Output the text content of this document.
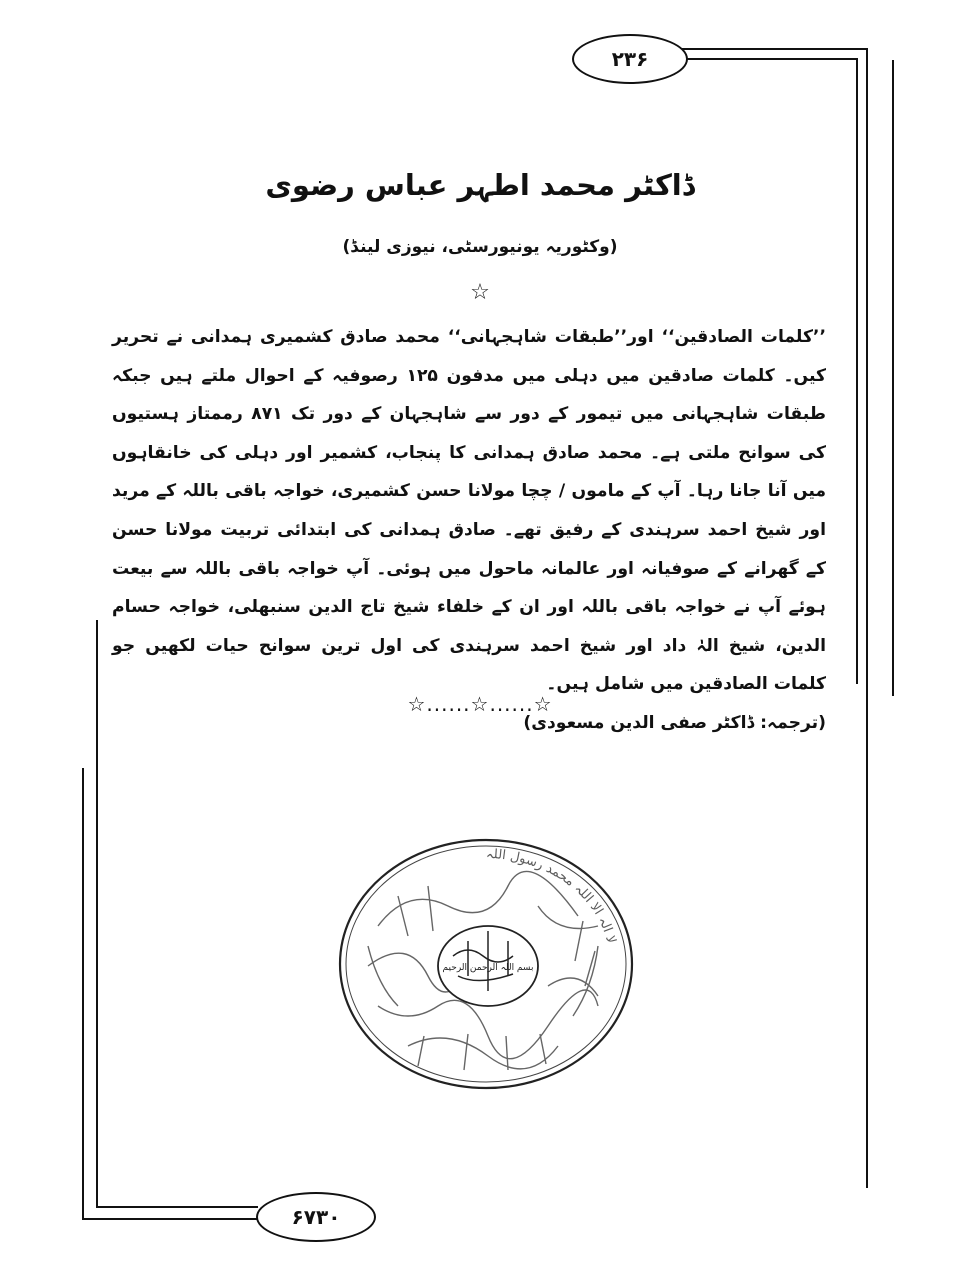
۲۳۶
۶۷۳۰
ڈاکٹر محمد اطہر عباس رضوی
(وکٹوریہ یونیورسٹی، نیوزی لینڈ)
☆

’’کلمات الصادقین‘‘ اور’’طبقات شاہجہانی‘‘ محمد صادق کشمیری ہمدانی نے تحریر کیں۔ کلمات صادقین میں دہلی میں مدفون ۱۲۵ رصوفیہ کے احوال ملتے ہیں جبکہ طبقات شاہجہانی میں تیمور کے دور سے شاہجہان کے دور تک ۸۷۱ رممتاز ہستیوں کی سوانح ملتی ہے۔ محمد صادق ہمدانی کا پنجاب، کشمیر اور دہلی کی خانقاہوں میں آنا جانا رہا۔ آپ کے ماموں / چچا مولانا حسن کشمیری، خواجہ باقی باللہ کے مرید اور شیخ احمد سرہندی کے رفیق تھے۔ صادق ہمدانی کی ابتدائی تربیت مولانا حسن کے گھرانے کے صوفیانہ اور عالمانہ ماحول میں ہوئی۔ آپ خواجہ باقی باللہ سے بیعت ہوئے آپ نے خواجہ باقی باللہ اور ان کے خلفاء شیخ تاج الدین سنبھلی، خواجہ حسام الدین، شیخ الہٰ داد اور شیخ احمد سرہندی کی اول ترین سوانح حیات لکھیں جو کلمات الصادقین میں شامل ہیں۔

(ترجمہ: ڈاکٹر صفی الدین مسعودی)

☆......☆......☆
لا الہ الا اللہ محمد رسول اللہ
بسم اللہ الرحمن الرحیم
